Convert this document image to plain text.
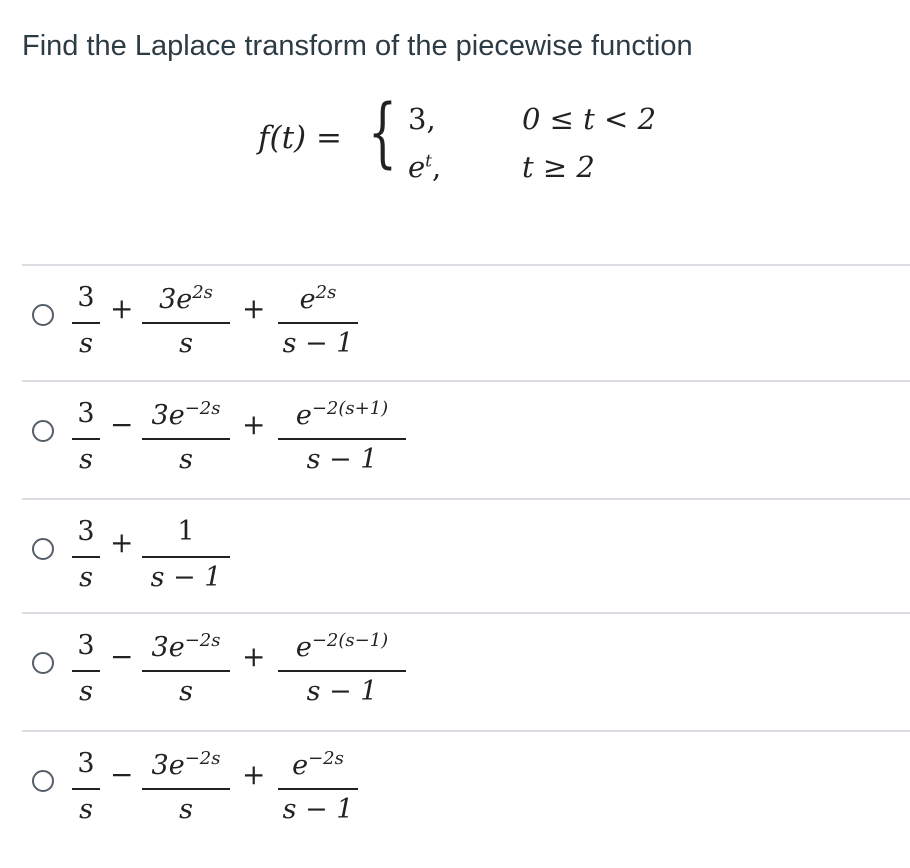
Find the Laplace transform of the piecewise function
f(t) = { 3,	0 ≤ t < 2
$e^t$,	t ≥ 2
3
s
+ $3e^{2s}$
s
+	$e^{2s}$
s − 1
3
s
− $3e^{-2s}$
s
+	$e^{-2(s+1)}$
s − 1
3
s
+	1
s − 1
3
s
− $3e^{-2s}$
s
+	$e^{-2(s-1)}$
s − 1
3
s
− $3e^{-2s}$
s
+ $e^{-2s}$
s − 1
